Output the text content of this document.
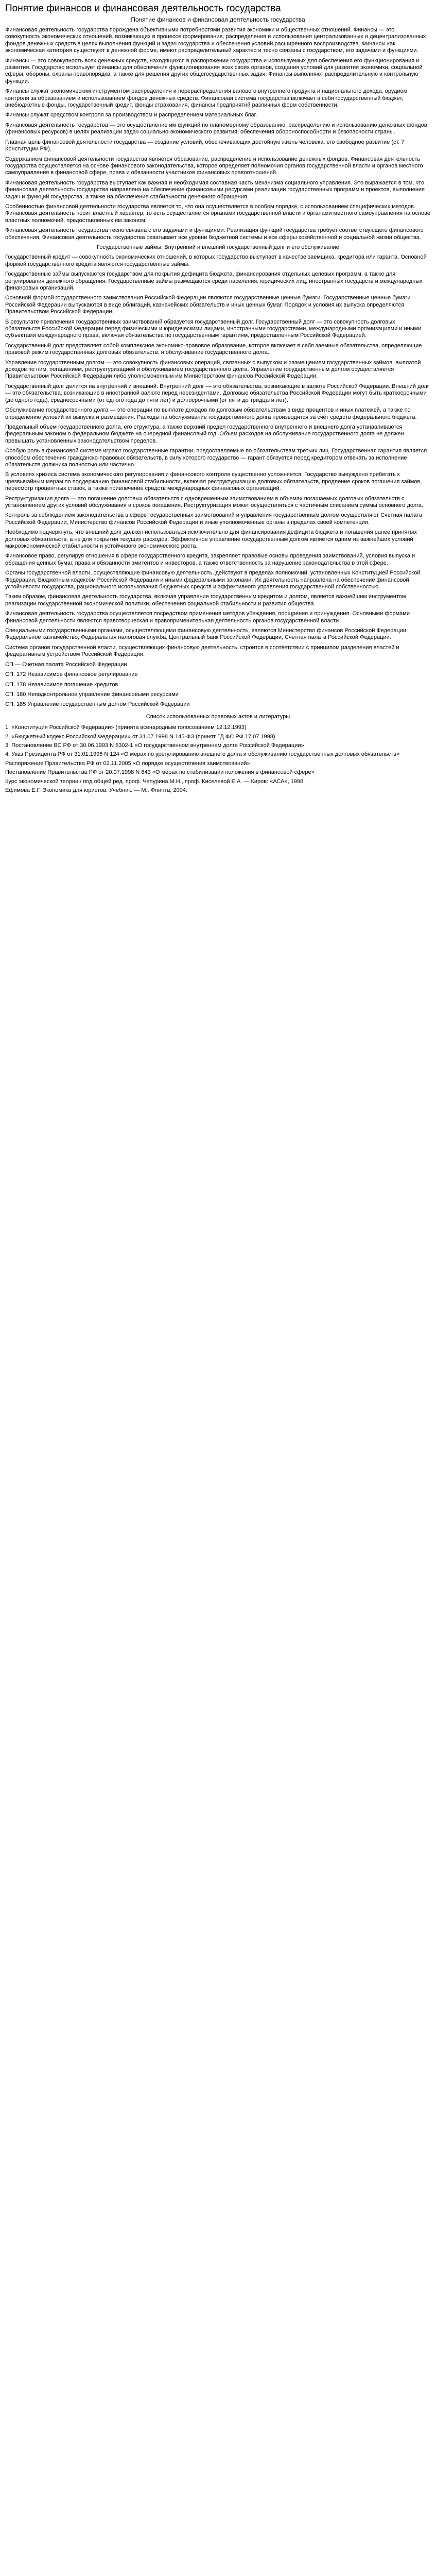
Понятие финансов и финансовая деятельность государства
Понятие финансов и финансовая деятельность государства

Финансовая деятельность государства порождена объективными потребностями развития экономики и общественных отношений. Финансы — это совокупность экономических отношений, возникающих в процессе формирования, распределения и использования централизованных и децентрализованных фондов денежных средств в целях выполнения функций и задач государства и обеспечения условий расширенного воспроизводства. Финансы как экономическая категория существуют в денежной форме, имеют распределительный характер и тесно связаны с государством, его задачами и функциями.

Финансы — это совокупность всех денежных средств, находящихся в распоряжении государства и используемых для обеспечения его функционирования и развития. Государство использует финансы для обеспечения функционирования всех своих органов, создания условий для развития экономики, социальной сферы, обороны, охраны правопорядка, а также для решения других общегосударственных задач. Финансы выполняют распределительную и контрольную функции.

Финансы служат экономическим инструментом распределения и перераспределения валового внутреннего продукта и национального дохода, орудием контроля за образованием и использованием фондов денежных средств. Финансовая система государства включает в себя государственный бюджет, внебюджетные фонды, государственный кредит, фонды страхования, финансы предприятий различных форм собственности.

Финансы служат средством контроля за производством и распределением материальных благ.

Финансовая деятельность государства — это осуществление им функций по планомерному образованию, распределению и использованию денежных фондов (финансовых ресурсов) в целях реализации задач социально-экономического развития, обеспечения обороноспособности и безопасности страны.

Главная цель финансовой деятельности государства — создание условий, обеспечивающих достойную жизнь человека, его свободное развитие (ст. 7 Конституции РФ).

Содержанием финансовой деятельности государства является образование, распределение и использование денежных фондов. Финансовая деятельность государства осуществляется на основе финансового законодательства, которое определяет полномочия органов государственной власти и органов местного самоуправления в финансовой сфере, права и обязанности участников финансовых правоотношений.

Финансовая деятельность государства выступает как важная и необходимая составная часть механизма социального управления. Это выражается в том, что финансовая деятельность государства направлена на обеспечение финансовыми ресурсами реализации государственных программ и проектов, выполнения задач и функций государства, а также на обеспечение стабильности денежного обращения.

Особенностью финансовой деятельности государства является то, что она осуществляется в особом порядке, с использованием специфических методов. Финансовая деятельность носит властный характер, то есть осуществляется органами государственной власти и органами местного самоуправления на основе властных полномочий, предоставленных им законом.

Финансовая деятельность государства тесно связана с его задачами и функциями. Реализация функций государства требует соответствующего финансового обеспечения. Финансовая деятельность государства охватывает все уровни бюджетной системы и все сферы хозяйственной и социальной жизни общества.

Государственные займы. Внутренний и внешний государственный долг и его обслуживание

Государственный кредит — совокупность экономических отношений, в которых государство выступает в качестве заемщика, кредитора или гаранта. Основной формой государственного кредита являются государственные займы.

Государственные займы выпускаются государством для покрытия дефицита бюджета, финансирования отдельных целевых программ, а также для регулирования денежного обращения. Государственные займы размещаются среди населения, юридических лиц, иностранных государств и международных финансовых организаций.

Основной формой государственного заимствования Российской Федерации являются государственные ценные бумаги. Государственные ценные бумаги Российской Федерации выпускаются в виде облигаций, казначейских обязательств и иных ценных бумаг. Порядок и условия их выпуска определяются Правительством Российской Федерации.

В результате привлечения государственных заимствований образуется государственный долг. Государственный долг — это совокупность долговых обязательств Российской Федерации перед физическими и юридическими лицами, иностранными государствами, международными организациями и иными субъектами международного права, включая обязательства по государственным гарантиям, предоставленным Российской Федерацией.

Государственный долг представляет собой комплексное экономико-правовое образование, которое включает в себя заемные обязательства, определяющие правовой режим государственных долговых обязательств, и обслуживание государственного долга.

Управление государственным долгом — это совокупность финансовых операций, связанных с выпуском и размещением государственных займов, выплатой доходов по ним, погашением, реструктуризацией и обслуживанием государственного долга. Управление государственным долгом осуществляется Правительством Российской Федерации либо уполномоченным им Министерством финансов Российской Федерации.

Государственный долг делится на внутренний и внешний. Внутренний долг — это обязательства, возникающие в валюте Российской Федерации. Внешний долг — это обязательства, возникающие в иностранной валюте перед нерезидентами. Долговые обязательства Российской Федерации могут быть краткосрочными (до одного года), среднесрочными (от одного года до пяти лет) и долгосрочными (от пяти до тридцати лет).

Обслуживание государственного долга — это операции по выплате доходов по долговым обязательствам в виде процентов и иных платежей, а также по определению условий их выпуска и размещения. Расходы на обслуживание государственного долга производятся за счет средств федерального бюджета.

Предельный объем государственного долга, его структура, а также верхний предел государственного внутреннего и внешнего долга устанавливаются федеральным законом о федеральном бюджете на очередной финансовый год. Объем расходов на обслуживание государственного долга не должен превышать установленных законодательством пределов.

Особую роль в финансовой системе играют государственные гарантии, предоставляемые по обязательствам третьих лиц. Государственная гарантия является способом обеспечения гражданско-правовых обязательств, в силу которого государство — гарант обязуется перед кредитором отвечать за исполнение обязательств должника полностью или частично.

В условиях кризиса система экономического регулирования и финансового контроля существенно усложняется. Государство вынуждено прибегать к чрезвычайным мерам по поддержанию финансовой стабильности, включая реструктуризацию долговых обязательств, продление сроков погашения займов, пересмотр процентных ставок, а также привлечение средств международных финансовых организаций.

Реструктуризация долга — это погашение долговых обязательств с одновременным заимствованием в объемах погашаемых долговых обязательств с установлением других условий обслуживания и сроков погашения. Реструктуризация может осуществляться с частичным списанием суммы основного долга.

Контроль за соблюдением законодательства в сфере государственных заимствований и управления государственным долгом осуществляют Счетная палата Российской Федерации, Министерство финансов Российской Федерации и иные уполномоченные органы в пределах своей компетенции.

Необходимо подчеркнуть, что внешний долг должен использоваться исключительно для финансирования дефицита бюджета и погашения ранее принятых долговых обязательств, а не для покрытия текущих расходов. Эффективное управление государственным долгом является одним из важнейших условий макроэкономической стабильности и устойчивого экономического роста.

Финансовое право, регулируя отношения в сфере государственного кредита, закрепляет правовые основы проведения заимствований, условия выпуска и обращения ценных бумаг, права и обязанности эмитентов и инвесторов, а также ответственность за нарушение законодательства в этой сфере.

Органы государственной власти, осуществляющие финансовую деятельность, действуют в пределах полномочий, установленных Конституцией Российской Федерации, Бюджетным кодексом Российской Федерации и иными федеральными законами. Их деятельность направлена на обеспечение финансовой устойчивости государства, рационального использования бюджетных средств и эффективного управления государственной собственностью.

Таким образом, финансовая деятельность государства, включая управление государственным кредитом и долгом, является важнейшим инструментом реализации государственной экономической политики, обеспечения социальной стабильности и развития общества.

Финансовая деятельность государства осуществляется посредством применения методов убеждения, поощрения и принуждения. Основными формами финансовой деятельности являются правотворческая и правоприменительная деятельность органов государственной власти.

Специальными государственными органами, осуществляющими финансовую деятельность, являются Министерство финансов Российской Федерации, Федеральное казначейство, Федеральная налоговая служба, Центральный банк Российской Федерации, Счетная палата Российской Федерации.

Система органов государственной власти, осуществляющих финансовую деятельность, строится в соответствии с принципом разделения властей и федеративным устройством Российской Федерации.

СП — Счетная палата Российской Федерации

СП. 172 Независимое финансовое регулирование

СП. 178 Независимое погашение кредитов

СП. 180 Неподконтрольное управление финансовыми ресурсами

СП. 185 Управление государственным долгом Российской Федерации

Список использованных правовых актов и литературы

1. «Конституция Российской Федерации» (принята всенародным голосованием 12.12.1993)

2. «Бюджетный кодекс Российской Федерации» от 31.07.1998 N 145-ФЗ (принят ГД ФС РФ 17.07.1998)

3. Постановление ВС РФ от 30.06.1993 N 5302-1 «О государственном внутреннем долге Российской Федерации»

4. Указ Президента РФ от 31.01.1996 N 124 «О мерах по урегулированию внешнего долга и обслуживанию государственных долговых обязательств»

Распоряжение Правительства РФ от 02.11.2005 «О порядке осуществления заимствований»

Постановление Правительства РФ от 20.07.1998 N 843 «О мерах по стабилизации положения в финансовой сфере»

Курс экономической теории / под общей ред. проф. Чепурина М.Н., проф. Киселевой Е.А. — Киров: «АСА», 1998.

Ефимова Е.Г. Экономика для юристов. Учебник. — М.: Флинта, 2004.
